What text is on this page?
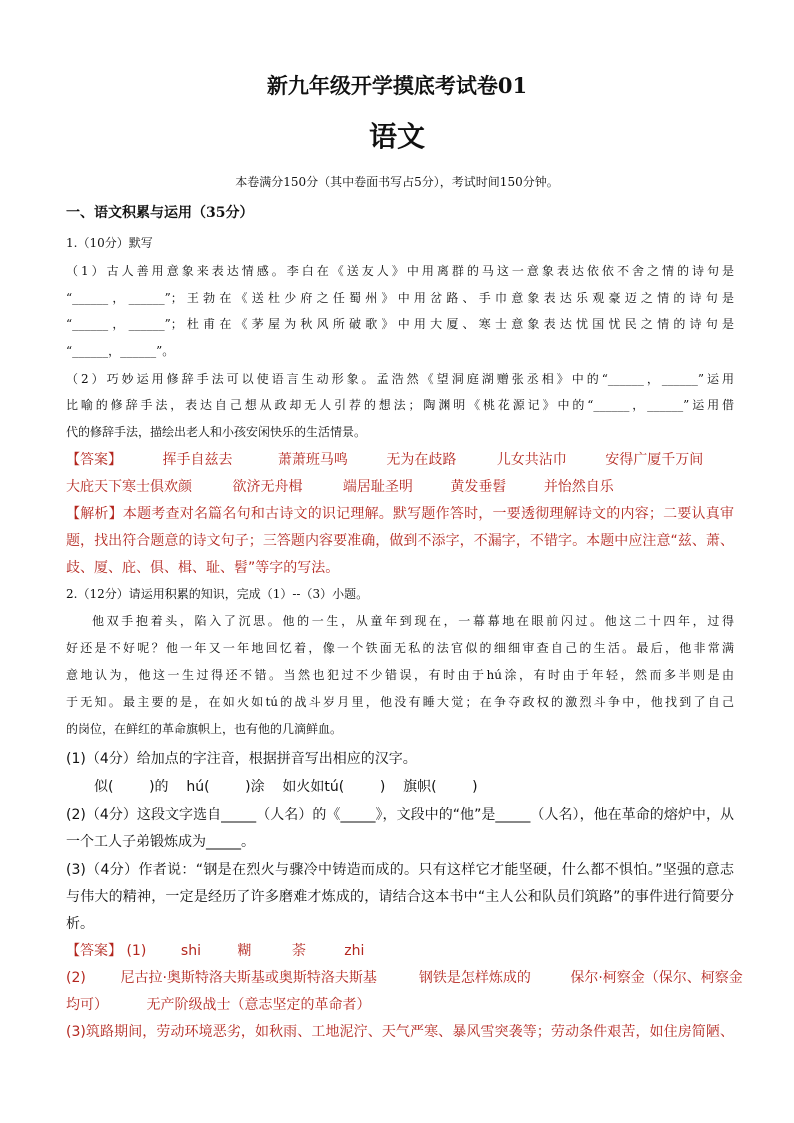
新九年级开学摸底考试卷01
语文
本卷满分150分（其中卷面书写占5分），考试时间150分钟。
一、语文积累与运用（35分）
1.（10分）默写
（1）古人善用意象来表达情感。李白在《送友人》中用离群的马这一意象表达依依不舍之情的诗句是
“______，______”；王勃在《送杜少府之任蜀州》中用岔路、手巾意象表达乐观豪迈之情的诗句是
“______，______”；杜甫在《茅屋为秋风所破歌》中用大厦、寒士意象表达忧国忧民之情的诗句是
“______，______”。
（2）巧妙运用修辞手法可以使语言生动形象。孟浩然《望洞庭湖赠张丞相》中的“______，______”运用
比喻的修辞手法，表达自己想从政却无人引荐的想法；陶渊明《桃花源记》中的“______，______”运用借
代的修辞手法，描绘出老人和小孩安闲快乐的生活情景。
【答案】	挥手自兹去	萧萧班马鸣	无为在歧路	儿女共沾巾	安得广厦千万间
大庇天下寒士俱欢颜	欲济无舟楫	端居耻圣明	黄发垂髫	并怡然自乐
【解析】本题考查对名篇名句和古诗文的识记理解。默写题作答时，一要透彻理解诗文的内容；二要认真审
题，找出符合题意的诗文句子；三答题内容要准确，做到不添字，不漏字，不错字。本题中应注意“兹、萧、
歧、厦、庇、俱、楫、耻、髫”等字的写法。
2.（12分）请运用积累的知识，完成（1）--（3）小题。
他双手抱着头，陷入了沉思。他的一生，从童年到现在，一幕幕地在眼前闪过。他这二十四年，过得
好还是不好呢？他一年又一年地回忆着，像一个铁面无私的法官似的细细审查自己的生活。最后，他非常满
意地认为，他这一生过得还不错。当然也犯过不少错误，有时由于hú涂，有时由于年轻，然而多半则是由
于无知。最主要的是，在如火如tú的战斗岁月里，他没有睡大觉；在争夺政权的激烈斗争中，他找到了自己
的岗位，在鲜红的革命旗帜上，也有他的几滴鲜血。
(1)（4分）给加点的字注音，根据拼音写出相应的汉字。
似(        )的    hú(        )涂    如火如tú(        )    旗帜(        )
(2)（4分）这段文字选自_____（人名）的《_____》，文段中的“他”是_____（人名），他在革命的熔炉中，从
一个工人子弟锻炼成为_____。
(3)（4分）作者说：“钢是在烈火与骤冷中铸造而成的。只有这样它才能坚硬，什么都不惧怕。”坚强的意志
与伟大的精神，一定是经历了许多磨难才炼成的，请结合这本书中“主人公和队员们筑路”的事件进行简要分
析。
【答案】 (1) shi	糊	荼	zhi
(2) 尼古拉·奥斯特洛夫斯基或奥斯特洛夫斯基	钢铁是怎样炼成的	保尔·柯察金（保尔、柯察金
均可）	无产阶级战士（意志坚定的革命者）
(3)筑路期间，劳动环境恶劣，如秋雨、工地泥泞、天气严寒、暴风雪突袭等；劳动条件艰苦，如住房简陋、
